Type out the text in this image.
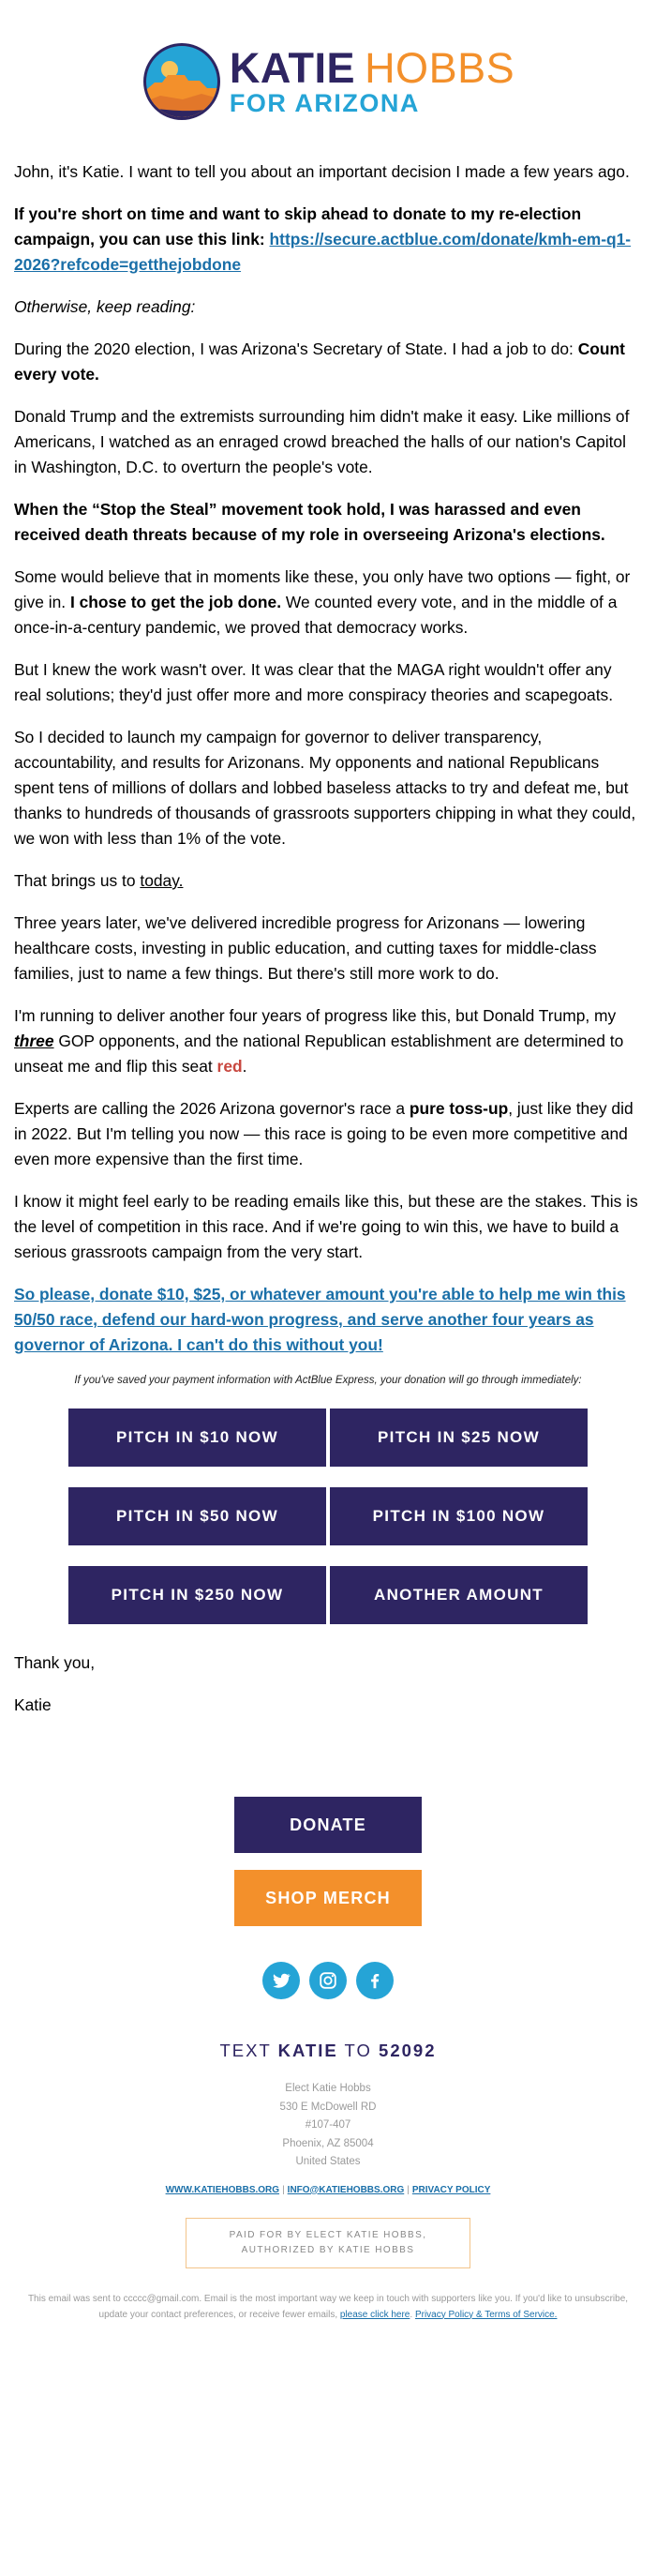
KATIE HOBBS
FOR ARIZONA

John, it's Katie. I want to tell you about an important decision I made a few years ago.

If you're short on time and want to skip ahead to donate to my re-election campaign, you can use this link: https://secure.actblue.com/donate/kmh-em-q1-2026?refcode=getthejobdone

Otherwise, keep reading:

During the 2020 election, I was Arizona's Secretary of State. I had a job to do: Count every vote.

Donald Trump and the extremists surrounding him didn't make it easy. Like millions of Americans, I watched as an enraged crowd breached the halls of our nation's Capitol in Washington, D.C. to overturn the people's vote.

When the “Stop the Steal” movement took hold, I was harassed and even received death threats because of my role in overseeing Arizona's elections.

Some would believe that in moments like these, you only have two options — fight, or give in. I chose to get the job done. We counted every vote, and in the middle of a once-in-a-century pandemic, we proved that democracy works.

But I knew the work wasn't over. It was clear that the MAGA right wouldn't offer any real solutions; they'd just offer more and more conspiracy theories and scapegoats.

So I decided to launch my campaign for governor to deliver transparency, accountability, and results for Arizonans. My opponents and national Republicans spent tens of millions of dollars and lobbed baseless attacks to try and defeat me, but thanks to hundreds of thousands of grassroots supporters chipping in what they could, we won with less than 1% of the vote.

That brings us to today.

Three years later, we've delivered incredible progress for Arizonans — lowering healthcare costs, investing in public education, and cutting taxes for middle-class families, just to name a few things. But there's still more work to do.

I'm running to deliver another four years of progress like this, but Donald Trump, my three GOP opponents, and the national Republican establishment are determined to unseat me and flip this seat red.

Experts are calling the 2026 Arizona governor's race a pure toss-up, just like they did in 2022. But I'm telling you now — this race is going to be even more competitive and even more expensive than the first time.

I know it might feel early to be reading emails like this, but these are the stakes. This is the level of competition in this race. And if we're going to win this, we have to build a serious grassroots campaign from the very start.

So please, donate $10, $25, or whatever amount you're able to help me win this 50/50 race, defend our hard-won progress, and serve another four years as governor of Arizona. I can't do this without you!

If you've saved your payment information with ActBlue Express, your donation will go through immediately:
PITCH IN $10 NOW	PITCH IN $25 NOW
PITCH IN $50 NOW	PITCH IN $100 NOW
PITCH IN $250 NOW	ANOTHER AMOUNT

Thank you,

Katie

DONATE
SHOP MERCH
TEXT KATIE TO 52092
Elect Katie Hobbs
530 E McDowell RD
#107-407
Phoenix, AZ 85004
United States
WWW.KATIEHOBBS.ORG | INFO@KATIEHOBBS.ORG | PRIVACY POLICY
PAID FOR BY ELECT KATIE HOBBS,
AUTHORIZED BY KATIE HOBBS
This email was sent to ccccc@gmail.com. Email is the most important way we keep in touch with supporters like you. If you'd like to unsubscribe, update your contact preferences, or receive fewer emails, please click here. Privacy Policy & Terms of Service.
